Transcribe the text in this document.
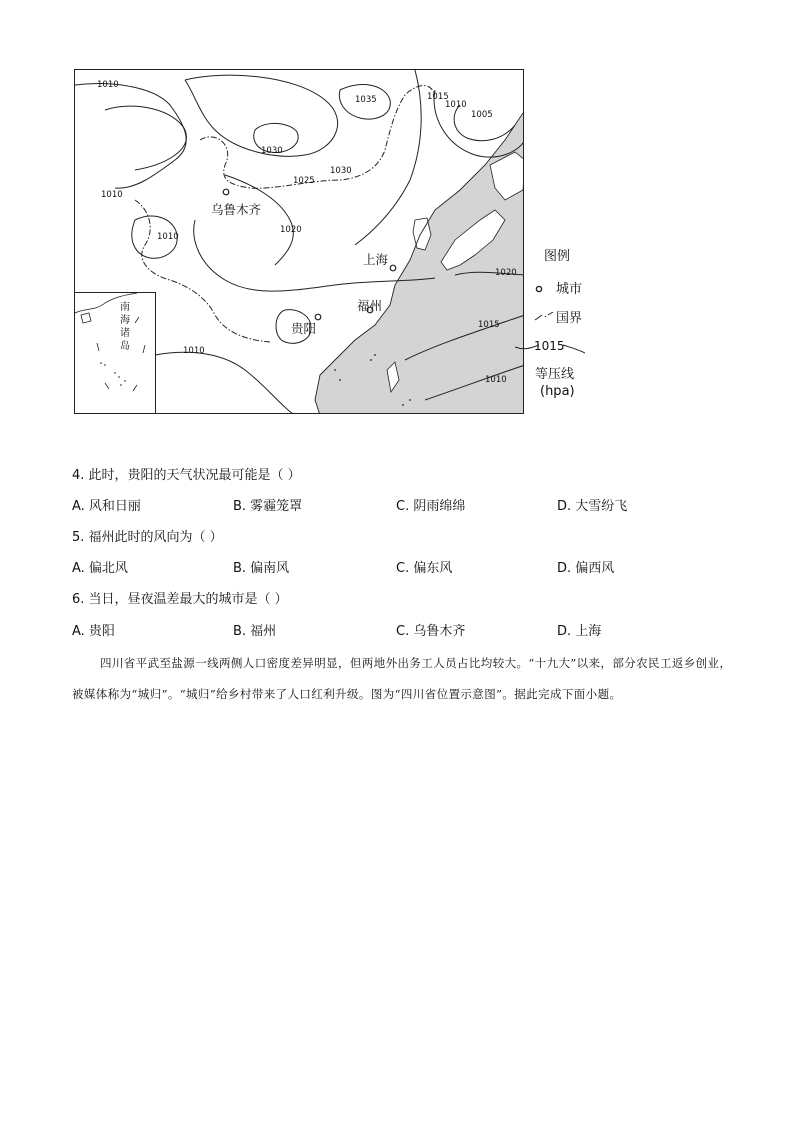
1010
1035	1015
1010
1005
1030
1030
1025
1010
1010
1020
1020
1015
1010
1010
乌鲁木齐
上海
福州
贵阳
南海诸岛
图例
城市
国界
1015
等压线
(hpa)
4. 此时，贵阳的天气状况最可能是（ ）
A. 风和日丽	B. 雾霾笼罩	C. 阴雨绵绵	D. 大雪纷飞
5. 福州此时的风向为（ ）
A. 偏北风	B. 偏南风	C. 偏东风	D. 偏西风
6. 当日，昼夜温差最大的城市是（ ）
A. 贵阳	B. 福州	C. 乌鲁木齐	D. 上海
四川省平武至盐源一线两侧人口密度差异明显，但两地外出务工人员占比均较大。“十九大”以来，部分农民工返乡创业，被媒体称为“城归”。“城归”给乡村带来了人口红利升级。图为“四川省位置示意图”。据此完成下面小题。
